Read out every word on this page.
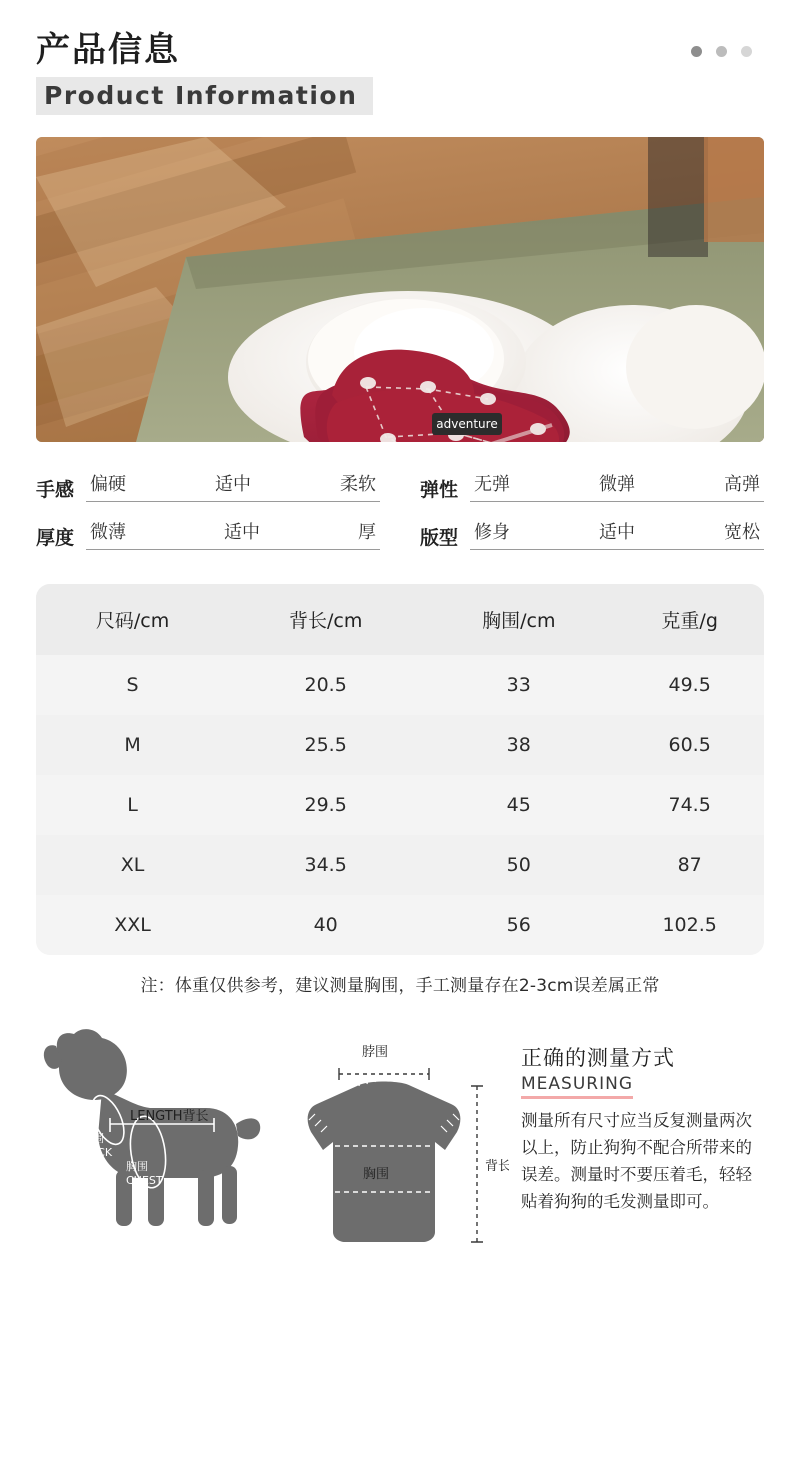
产品信息
Product Information
adventure
手感 偏硬	适中	柔软 弹性 无弹	微弹	高弹
厚度 微薄	适中	厚 版型 修身	适中	宽松
尺码/cm	背长/cm	胸围/cm	克重/g
S	20.5	33	49.5
M	25.5	38	60.5
L	29.5	45	74.5
XL	34.5	50	87
XXL	40	56	102.5
注：体重仅供参考，建议测量胸围，手工测量存在2-3cm误差属正常
LENGTH背长
脖围
NECK
胸围
CHEST
脖围
胸围
背长
正确的测量方式
MEASURING

测量所有尺寸应当反复测量两次以上，防止狗狗不配合所带来的误差。测量时不要压着毛，轻轻贴着狗狗的毛发测量即可。
